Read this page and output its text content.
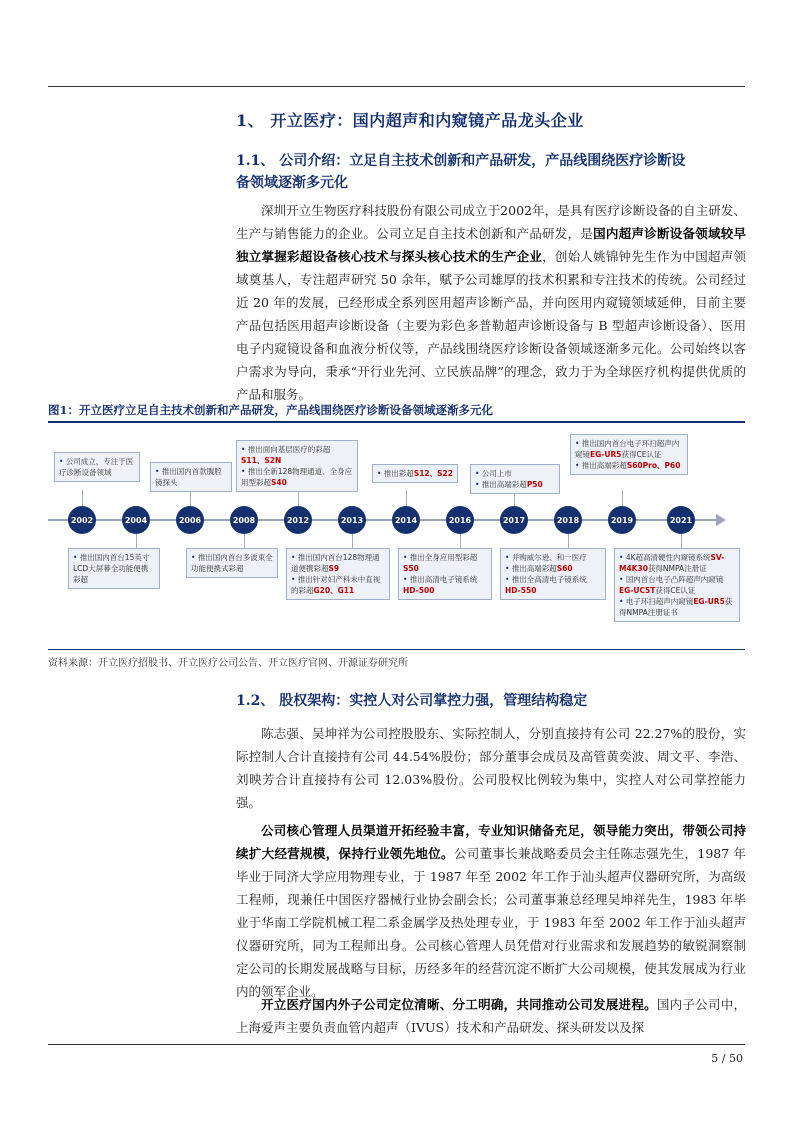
1、 开立医疗：国内超声和内窥镜产品龙头企业
1.1、 公司介绍：立足自主技术创新和产品研发，产品线围绕医疗诊断设
备领域逐渐多元化
深圳开立生物医疗科技股份有限公司成立于2002年，是具有医疗诊断设备的自主研发、生产与销售能力的企业。公司立足自主技术创新和产品研发，是国内超声诊断设备领域较早独立掌握彩超设备核心技术与探头核心技术的生产企业，创始人姚锦钟先生作为中国超声领域奠基人，专注超声研究 50 余年，赋予公司雄厚的技术积累和专注技术的传统。公司经过近 20 年的发展，已经形成全系列医用超声诊断产品，并向医用内窥镜领域延伸，目前主要产品包括医用超声诊断设备（主要为彩色多普勒超声诊断设备与 B 型超声诊断设备）、医用电子内窥镜设备和血液分析仪等，产品线围绕医疗诊断设备领域逐渐多元化。公司始终以客户需求为导向，秉承“开行业先河、立民族品牌”的理念，致力于为全球医疗机构提供优质的产品和服务。
图1：开立医疗立足自主技术创新和产品研发，产品线围绕医疗诊断设备领域逐渐多元化
2002	2004	2006	2008	2012	2013	2014	2016	2017	2018	2019	2021
• 公司成立，专注于医疗诊断设备领域	• 推出国内首款腹腔镜探头
• 推出面向基层医疗的彩超S11、S2N
• 推出全新128物理通道、全身应用型彩超S40
• 推出彩超S12、S22	• 公司上市
• 推出高端彩超P50
• 推出国内首台电子环扫超声内窥镜EG-UR5获得CE认证
• 推出高端彩超S60Pro、P60
• 推出国内首台15英寸LCD大屏幕全功能便携彩超
• 推出国内首台多波束全功能便携式彩超
• 推出国内首台128物理通道便携彩超S9
• 推出针对妇产科未中直视的彩超G20、G11
• 推出全身应用型彩超S50
• 推出高清电子镜系统HD-500
• 并购威尔逊、和一医疗
• 推出高端彩超S60
• 推出全高清电子镜系统HD-550
• 4K超高清硬性内窥镜系统SV-M4K30获得NMPA注册证
• 国内首台电子凸阵超声内窥镜EG-UC5T获得CE认证
• 电子环扫超声内窥镜EG-UR5获得NMPA注册证书
资料来源：开立医疗招股书、开立医疗公司公告、开立医疗官网、开源证券研究所
1.2、 股权架构：实控人对公司掌控力强，管理结构稳定
陈志强、吴坤祥为公司控股股东、实际控制人，分别直接持有公司 22.27%的股份，实际控制人合计直接持有公司 44.54%股份；部分董事会成员及高管黄奕波、周文平、李浩、刘映芳合计直接持有公司 12.03%股份。公司股权比例较为集中，实控人对公司掌控能力强。
公司核心管理人员渠道开拓经验丰富，专业知识储备充足，领导能力突出，带领公司持续扩大经营规模，保持行业领先地位。公司董事长兼战略委员会主任陈志强先生，1987 年毕业于同济大学应用物理专业，于 1987 年至 2002 年工作于汕头超声仪器研究所，为高级工程师，现兼任中国医疗器械行业协会副会长；公司董事兼总经理吴坤祥先生，1983 年毕业于华南工学院机械工程二系金属学及热处理专业，于 1983 年至 2002 年工作于汕头超声仪器研究所，同为工程师出身。公司核心管理人员凭借对行业需求和发展趋势的敏锐洞察制定公司的长期发展战略与目标，历经多年的经营沉淀不断扩大公司规模，使其发展成为行业内的领军企业。
开立医疗国内外子公司定位清晰、分工明确，共同推动公司发展进程。国内子公司中，上海爱声主要负责血管内超声（IVUS）技术和产品研发、探头研发以及探
5 / 50
